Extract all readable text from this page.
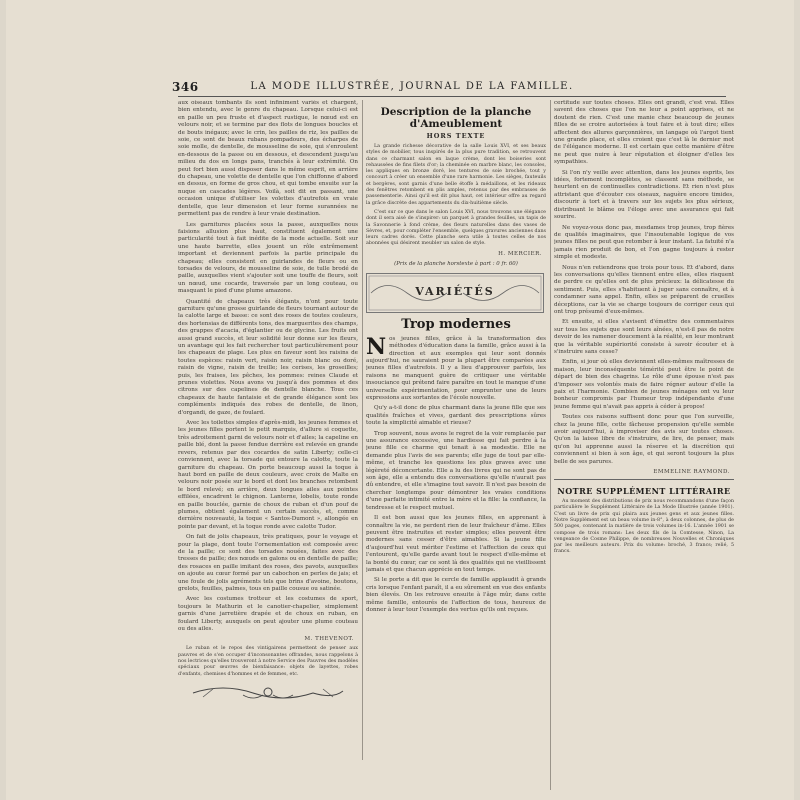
346	LA MODE ILLUSTRÉE, JOURNAL DE LA FAMILLE.

aux oiseaux tombants ils sont infiniment variés et chargent, bien entendu, avec le genre du chapeau. Lorsque celui-ci est en paille un peu fruste et d'aspect rustique, le nœud est en velours noir, et se termine par des flots de longues boucles et de bouts inégaux; avec le crin, les pailles de riz, les pailles de soie, ce sont de beaux rubans pompadours, des écharpes de soie molle, de dentelle, de mousseline de soie, qui s'enroulent en-dessous de la passe ou en dessous, et descendent jusqu'au milieu du dos en longs pans, tranchés à leur extrémité. On peut fort bien aussi disposer dans le même esprit, en arrière du chapeau, une volette de dentelle que l'on chiffonne d'abord en dessus, en forme de gros chou, et qui tombe ensuite sur la nuque en cascades légères. Voilà, soit dit en passant, une occasion unique d'utiliser les volettes d'autrefois en vraie dentelle, que leur dimension et leur forme surannées ne permettent pas de rendre à leur vraie destination.

Les garnitures placées sous la passe, auxquelles nous faisions allusion plus haut, constituent également une particularité tout à fait inédite de la mode actuelle. Soit sur une haute barrette, elles jouent un rôle extrêmement important et deviennent parfois la partie principale du chapeau; elles consistent en guirlandes de fleurs ou en torsades de velours, de mousseline de soie, de tulle brodé de paille, auxquelles vient s'ajouter soit une touffe de fleurs, soit un nœud, une cocarde, traversée par un long couteau, ou masquant le pied d'une plume amazone.

Quantité de chapeaux très élégants, n'ont pour toute garniture qu'une grosse guirlande de fleurs tournant autour de la calotte large et basse: ce sont des roses de toutes couleurs, des hortensias de différents tons, des marguerites des champs, des grappes d'acacia, d'églantier ou de glycine. Les fruits ont aussi grand succès, et leur solidité leur donne sur les fleurs, un avantage qui les fait rechercher tout particulièrement pour les chapeaux de plage. Les plus en faveur sont les raisins de toutes espèces: raisin vert, raisin noir, raisin blanc ou doré, raisin de vigne, raisin de treille; les cerises, les groseilles; puis, les fraises, les pêches, les pommes: reines Claude et prunes violettes. Nous avons vu jusqu'à des pommes et des citrons sur des capelines de dentelle blanche. Tous ces chapeaux de haute fantaisie et de grande élégance sont les compléments indiqués des robes de dentelle, de linon, d'organdi, de gaze, de foulard.

Avec les toilettes simples d'après-midi, les jeunes femmes et les jeunes filles portent le petit marquis, d'allure si coquette, très adroitement garni de velours noir et d'ailes; la capeline en paille blé, dont la passe fendue derrière est relevée en grande revers, retenus par des cocardes de satin Liberty; celle-ci conviennent, avec la torsade qui entoure la calotte, toute la garniture du chapeau. On porte beaucoup aussi la toque à haut bord en paille de deux couleurs, avec croix de Malte en velours noir posée sur le bord et dont les branches retombent le bord relevé; en arrière, deux longues ailes aux pointes effilées, encadrent le chignon. Lanterne, lobelis, toute ronde en paille bouclée, garnie de choux de ruban et d'un pouf de plumes, obtient également un certain succès, et, comme dernière nouveauté, la toque « Santos-Dumont », allongée en pointe par devant, et la toque ronde avec calotte Tudor.

On fait de jolis chapeaux, très pratiques, pour le voyage et pour la plage, dont toute l'ornementation est composée avec de la paille; ce sont des torsades nouées, faites avec des tresses de paille; des nœuds en galons ou en dentelle de paille; des rosaces en paille imitant des roses, des pavots, auxquelles on ajoute au cœur formé par un cabochon en perles de jais; et une foule de jolis agréments tels que brins d'avoine, boutons, grelots, feuilles, palmes, tous en paille cousue ou satinée.

Avec les costumes trotteur et les costumes de sport, toujours le Mathurin et le canotier-chapelier, simplement garnis d'une jarretière drapée et de choux en ruban, en foulard Liberty, auxquels on peut ajouter une plume couteau ou des ailes.

M. THEVENOT.

Le ruban et le repos des vintigairens permettent de penser aux pauvres et de s'en occuper d'inconsonantes offrandes, nous rappelons à nos lectrices qu'elles trouveront à notre Service des Pauvres des modèles spéciaux pour œuvres de bienfaisance: objets de layettes, robes d'enfants, chemises d'hommes et de femmes, etc.

Description de la planche d'Ameublement
HORS TEXTE

La grande richesse décorative de la salle Louis XVI, et ses beaux styles de mobilier, tous inspirés de la plus pure tradition, se retrouvent dans ce charmant salon en laque crème, dont les boiseries sont rehaussées de fins filets d'or; la cheminée en marbre blanc, les consoles, les appliques en bronze doré, les tentures de soie brochée, tout y concourt à créer un ensemble d'une rare harmonie. Les sièges, fauteuils et bergères, sont garnis d'une belle étoffe à médaillons, et les rideaux des fenêtres retombent en plis amples, retenus par des embrasses de passementerie. Ainsi qu'il est dit plus haut, cet intérieur offre au regard la grâce discrète des appartements du dix-huitième siècle.

C'est sur ce que dans le salon Louis XVI, nous trouvons une élégance dont il sera aisé de s'inspirer: un parquet à grandes feuilles, un tapis de la Savonnerie à fond crème, des fleurs naturelles dans des vases de Sèvres, et, pour compléter l'ensemble, quelques gravures anciennes dans leurs cadres dorés. Cette planche sera utile à toutes celles de nos abonnées qui désirent meubler un salon de style.

H. MERCIER.
(Prix de la planche horstexte à part : 0 fr. 60)
VARIÉTÉS
Trop modernes
N os jeunes filles, grâce à la transformation des méthodes d'éducation dans la famille, grâce aussi à la direction et aux exemples qui leur sont donnés aujourd'hui, ne sauraient pour la plupart être comparées aux jeunes filles d'autrefois. Il y a lieu d'approuver parfois, les raisons ne manquent guère de critiquer une véritable insouciance qui prétend faire paraître en tout le manque d'une universelle expérimentation, pour emprunter une de leurs expressions aux sortantes de l'école nouvelle.

Qu'y a-t-il donc de plus charmant dans la jeune fille que ses qualités fraîches et vives, gardant des prescriptions sûres toute la simplicité aimable et rieuse?

Trop souvent, nous avons le regret de la voir remplacée par une assurance excessive, une hardiesse qui fait perdre à la jeune fille ce charme qui tenait à sa modestie. Elle ne demande plus l'avis de ses parents; elle juge de tout par elle-même, et tranche les questions les plus graves avec une légèreté déconcertante. Elle a lu des livres qui ne sont pas de son âge, elle a entendu des conversations qu'elle n'aurait pas dû entendre, et elle s'imagine tout savoir. Il n'est pas besoin de chercher longtemps pour démontrer les vraies conditions d'une parfaite intimité entre la mère et la fille: la confiance, la tendresse et le respect mutuel.

Il est bon aussi que les jeunes filles, en apprenant à connaître la vie, ne perdent rien de leur fraîcheur d'âme. Elles peuvent être instruites et rester simples; elles peuvent être modernes sans cesser d'être aimables. Si la jeune fille d'aujourd'hui veut mériter l'estime et l'affection de ceux qui l'entourent, qu'elle garde avant tout le respect d'elle-même et la bonté du cœur, car ce sont là des qualités qui ne vieillissent jamais et que chacun apprécie en tout temps.

Si le porte a dit que le cercle de famille applaudit à grands cris lorsque l'enfant paraît, il a eu sûrement en vue des enfants bien élevés. On les retrouve ensuite à l'âge mûr, dans cette même famille, entourés de l'affection de tous, heureux de donner à leur tour l'exemple des vertus qu'ils ont reçues.

certitude sur toutes choses. Elles ont grandi, c'est vrai. Elles savent des choses que l'on ne leur a point apprises, et ne doutent de rien. C'est une manie chez beaucoup de jeunes filles de se croire autorisées à tout faire et à tout dire; elles affectent des allures garçonnières, un langage où l'argot tient une grande place, et elles croient que c'est là le dernier mot de l'élégance moderne. Il est certain que cette manière d'être ne peut que nuire à leur réputation et éloigner d'elles les sympathies.

Si l'on n'y veille avec attention, dans les jeunes esprits, les idées, fortement incomplètes, se classent sans méthode, se heurtent en de continuelles contradictions. Et rien n'est plus attristant que d'écouter ces oiseaux, naguère encore timides, discourir à tort et à travers sur les sujets les plus sérieux, distribuant le blâme ou l'éloge avec une assurance qui fait sourire.

Ne voyez-vous donc pas, mesdames trop jeunes, trop fières de qualités imaginaires, que l'insoutenable logique de vos jeunes filles ne peut que retomber à leur instant. La fatuité n'a jamais rien produit de bon, et l'on gagne toujours à rester simple et modeste.

Nous n'en retiendrons que trois pour tous. Et d'abord, dans les conversations qu'elles tiennent entre elles, elles risquent de perdre ce qu'elles ont de plus précieux: la délicatesse du sentiment. Puis, elles s'habituent à juger sans connaître, et à condamner sans appel. Enfin, elles se préparent de cruelles déceptions, car la vie se charge toujours de corriger ceux qui ont trop présumé d'eux-mêmes.

Et ensuite, si elles s'avisent d'émettre des commentaires sur tous les sujets que sont leurs aînées, n'est-il pas de notre devoir de les ramener doucement à la réalité, en leur montrant que la véritable supériorité consiste à savoir écouter et à s'instruire sans cesse?

Enfin, si jour où elles deviennent elles-mêmes maîtresses de maison, leur inconséquente témérité peut être le point de départ de bien des chagrins. Le rôle d'une épouse n'est pas d'imposer ses volontés mais de faire régner autour d'elle la paix et l'harmonie. Combien de jeunes ménages ont vu leur bonheur compromis par l'humeur trop indépendante d'une jeune femme qui n'avait pas appris à céder à propos!

Toutes ces raisons suffisent donc pour que l'on surveille, chez la jeune fille, cette fâcheuse propension qu'elle semble avoir aujourd'hui, à improviser des avis sur toutes choses. Qu'on la laisse libre de s'instruire, de lire, de penser, mais qu'on lui apprenne aussi la réserve et la discrétion qui conviennent si bien à son âge, et qui seront toujours la plus belle de ses parures.

EMMELINE RAYMOND.
NOTRE SUPPLÉMENT LITTÉRAIRE

Au moment des distributions de prix nous recommandons d'une façon particulière le Supplément Littéraire de La Mode Illustrée (année 1901). C'est un livre de prix qui plaira aux jeunes gens et aux jeunes filles. Notre Supplément est un beau volume in-8°, à deux colonnes, de plus de 500 pages, contenant la matière de trois volumes in-16. L'année 1901 se compose de trois romans: Les deux fils de la Comtesse, Ninon, La vengeance de Cosme Philippe, de nombreuses Nouvelles et Chroniques par les meilleurs auteurs. Prix du volume: broché, 3 francs; relié, 5 francs.
